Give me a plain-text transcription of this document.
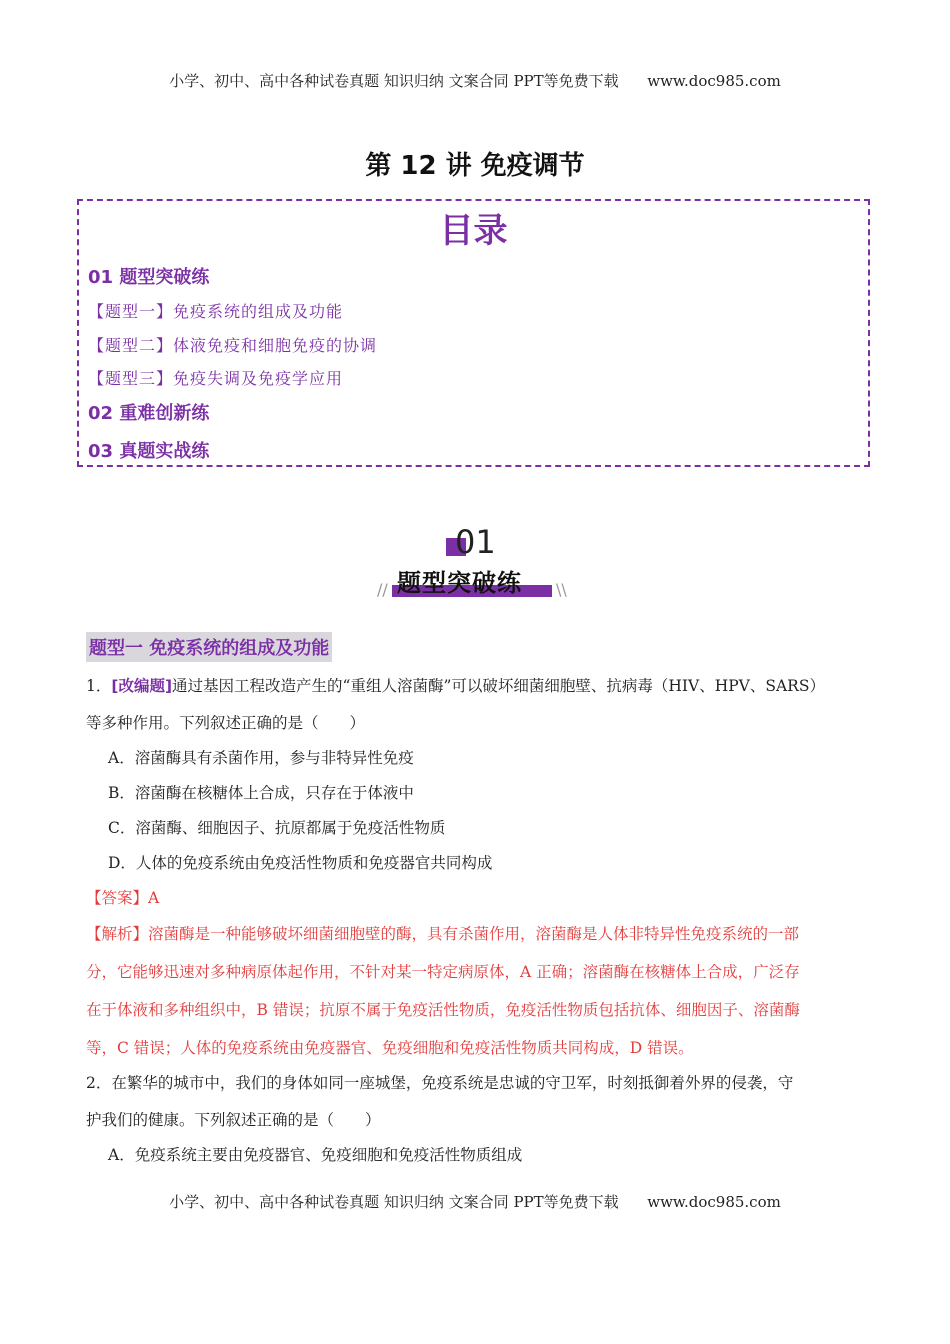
小学、初中、高中各种试卷真题 知识归纳 文案合同 PPT等免费下载      www.doc985.com
第 12 讲 免疫调节
目录
01 题型突破练
【题型一】免疫系统的组成及功能
【题型二】体液免疫和细胞免疫的协调
【题型三】免疫失调及免疫学应用
02 重难创新练
03 真题实战练
01
题型突破练
//	\\
题型一 免疫系统的组成及功能
1．[改编题]通过基因工程改造产生的“重组人溶菌酶”可以破坏细菌细胞壁、抗病毒（HIV、HPV、SARS）
等多种作用。下列叙述正确的是（　　）
A．溶菌酶具有杀菌作用，参与非特异性免疫
B．溶菌酶在核糖体上合成，只存在于体液中
C．溶菌酶、细胞因子、抗原都属于免疫活性物质
D．人体的免疫系统由免疫活性物质和免疫器官共同构成
【答案】A
【解析】溶菌酶是一种能够破坏细菌细胞壁的酶，具有杀菌作用，溶菌酶是人体非特异性免疫系统的一部
分，它能够迅速对多种病原体起作用，不针对某一特定病原体，A 正确；溶菌酶在核糖体上合成，广泛存
在于体液和多种组织中，B 错误；抗原不属于免疫活性物质，免疫活性物质包括抗体、细胞因子、溶菌酶
等，C 错误；人体的免疫系统由免疫器官、免疫细胞和免疫活性物质共同构成，D 错误。
2．在繁华的城市中，我们的身体如同一座城堡，免疫系统是忠诚的守卫军，时刻抵御着外界的侵袭，守
护我们的健康。下列叙述正确的是（　　）
A．免疫系统主要由免疫器官、免疫细胞和免疫活性物质组成
小学、初中、高中各种试卷真题 知识归纳 文案合同 PPT等免费下载      www.doc985.com
